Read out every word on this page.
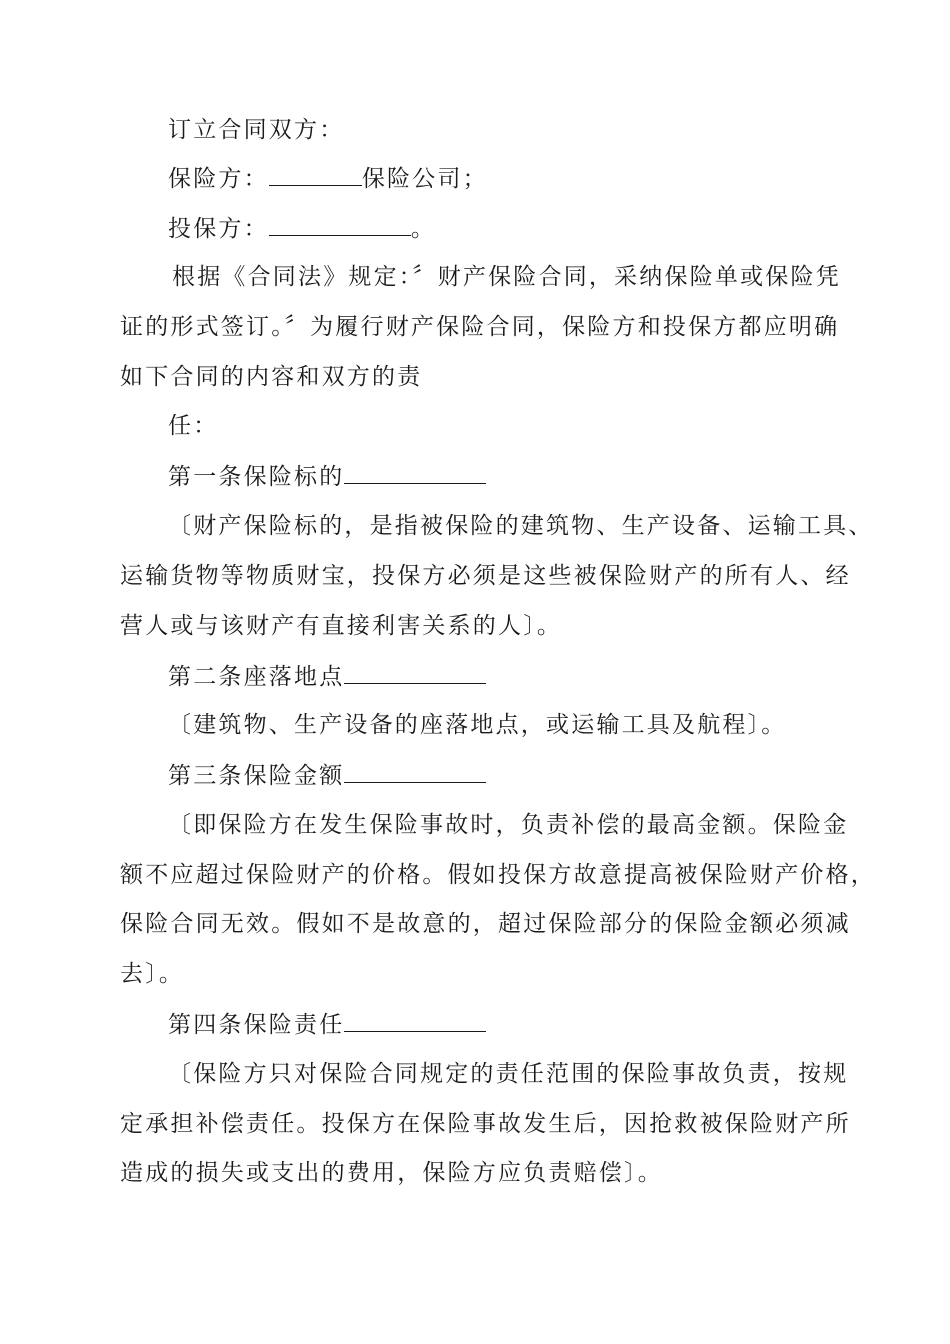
订立合同双方：
保险方：	保险公司；
投保方：	。
根据《合同法》规定：〞财产保险合同，采纳保险单或保险凭
证的形式签订。〞为履行财产保险合同，保险方和投保方都应明确
如下合同的内容和双方的责
任：
第一条保险标的
〔财产保险标的，是指被保险的建筑物、生产设备、运输工具、
运输货物等物质财宝，投保方必须是这些被保险财产的所有人、经
营人或与该财产有直接利害关系的人〕。
第二条座落地点
〔建筑物、生产设备的座落地点，或运输工具及航程〕。
第三条保险金额
〔即保险方在发生保险事故时，负责补偿的最高金额。保险金
额不应超过保险财产的价格。假如投保方故意提高被保险财产价格，
保险合同无效。假如不是故意的，超过保险部分的保险金额必须减
去〕。
第四条保险责任
〔保险方只对保险合同规定的责任范围的保险事故负责，按规
定承担补偿责任。投保方在保险事故发生后，因抢救被保险财产所
造成的损失或支出的费用，保险方应负责赔偿〕。
